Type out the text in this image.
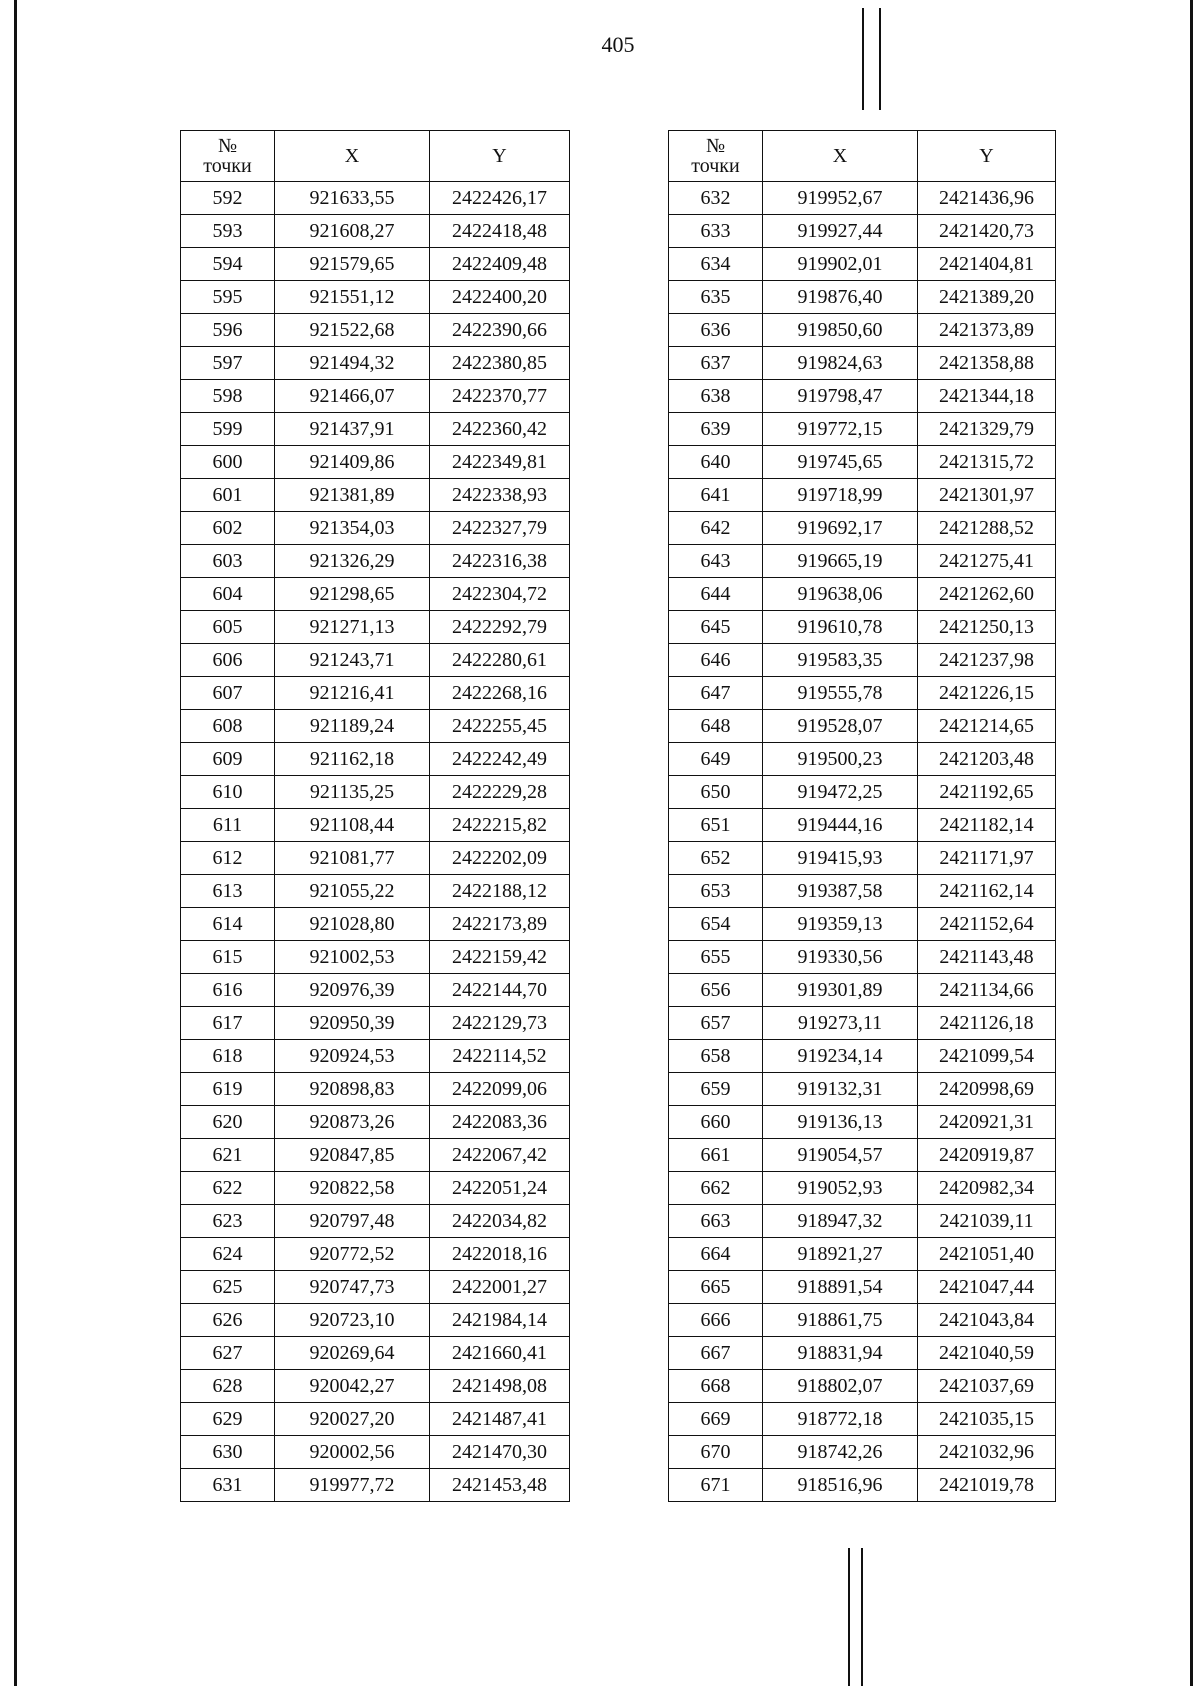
405
№
точки	X	Y
592	921633,55	2422426,17
593	921608,27	2422418,48
594	921579,65	2422409,48
595	921551,12	2422400,20
596	921522,68	2422390,66
597	921494,32	2422380,85
598	921466,07	2422370,77
599	921437,91	2422360,42
600	921409,86	2422349,81
601	921381,89	2422338,93
602	921354,03	2422327,79
603	921326,29	2422316,38
604	921298,65	2422304,72
605	921271,13	2422292,79
606	921243,71	2422280,61
607	921216,41	2422268,16
608	921189,24	2422255,45
609	921162,18	2422242,49
610	921135,25	2422229,28
611	921108,44	2422215,82
612	921081,77	2422202,09
613	921055,22	2422188,12
614	921028,80	2422173,89
615	921002,53	2422159,42
616	920976,39	2422144,70
617	920950,39	2422129,73
618	920924,53	2422114,52
619	920898,83	2422099,06
620	920873,26	2422083,36
621	920847,85	2422067,42
622	920822,58	2422051,24
623	920797,48	2422034,82
624	920772,52	2422018,16
625	920747,73	2422001,27
626	920723,10	2421984,14
627	920269,64	2421660,41
628	920042,27	2421498,08
629	920027,20	2421487,41
630	920002,56	2421470,30
631	919977,72	2421453,48
№
точки	X	Y
632	919952,67	2421436,96
633	919927,44	2421420,73
634	919902,01	2421404,81
635	919876,40	2421389,20
636	919850,60	2421373,89
637	919824,63	2421358,88
638	919798,47	2421344,18
639	919772,15	2421329,79
640	919745,65	2421315,72
641	919718,99	2421301,97
642	919692,17	2421288,52
643	919665,19	2421275,41
644	919638,06	2421262,60
645	919610,78	2421250,13
646	919583,35	2421237,98
647	919555,78	2421226,15
648	919528,07	2421214,65
649	919500,23	2421203,48
650	919472,25	2421192,65
651	919444,16	2421182,14
652	919415,93	2421171,97
653	919387,58	2421162,14
654	919359,13	2421152,64
655	919330,56	2421143,48
656	919301,89	2421134,66
657	919273,11	2421126,18
658	919234,14	2421099,54
659	919132,31	2420998,69
660	919136,13	2420921,31
661	919054,57	2420919,87
662	919052,93	2420982,34
663	918947,32	2421039,11
664	918921,27	2421051,40
665	918891,54	2421047,44
666	918861,75	2421043,84
667	918831,94	2421040,59
668	918802,07	2421037,69
669	918772,18	2421035,15
670	918742,26	2421032,96
671	918516,96	2421019,78
